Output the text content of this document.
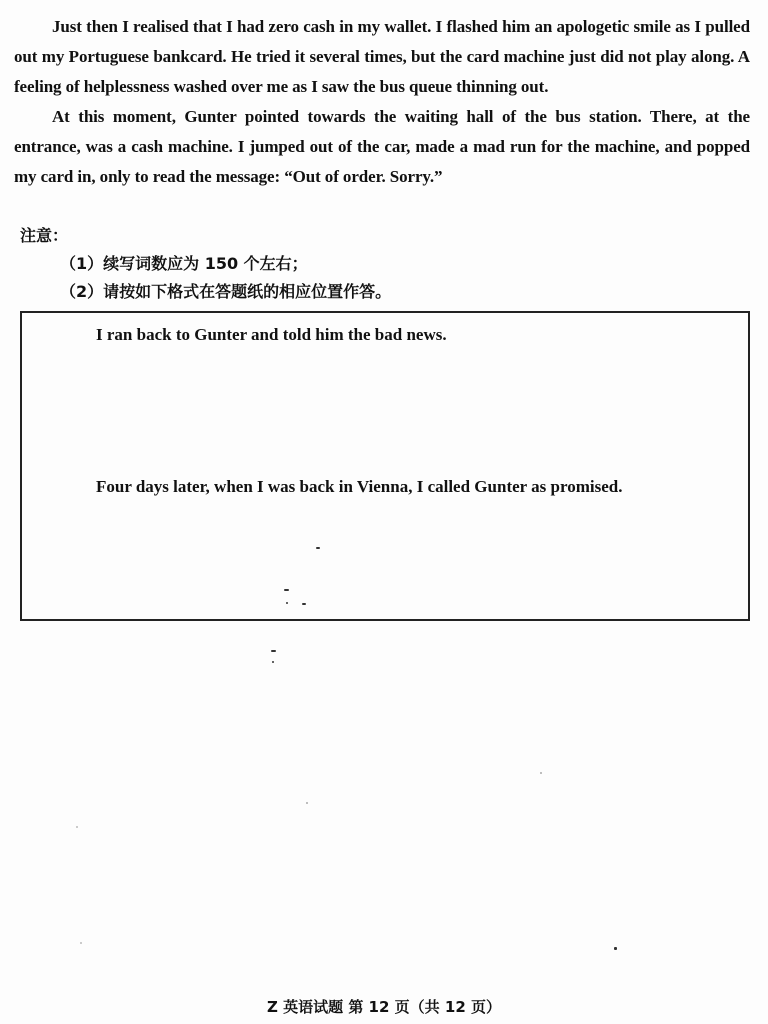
Just then I realised that I had zero cash in my wallet. I flashed him an apologetic smile as I pulled out my Portuguese bankcard. He tried it several times, but the card machine just did not play along. A feeling of helplessness washed over me as I saw the bus queue thinning out.

At this moment, Gunter pointed towards the waiting hall of the bus station. There, at the entrance, was a cash machine. I jumped out of the car, made a mad run for the machine, and popped my card in, only to read the message: “Out of order. Sorry.”

注意：
（1）续写词数应为 150 个左右；
（2）请按如下格式在答题纸的相应位置作答。
I ran back to Gunter and told him the bad news.
Four days later, when I was back in Vienna, I called Gunter as promised.
Z 英语试题 第 12 页（共 12 页）
